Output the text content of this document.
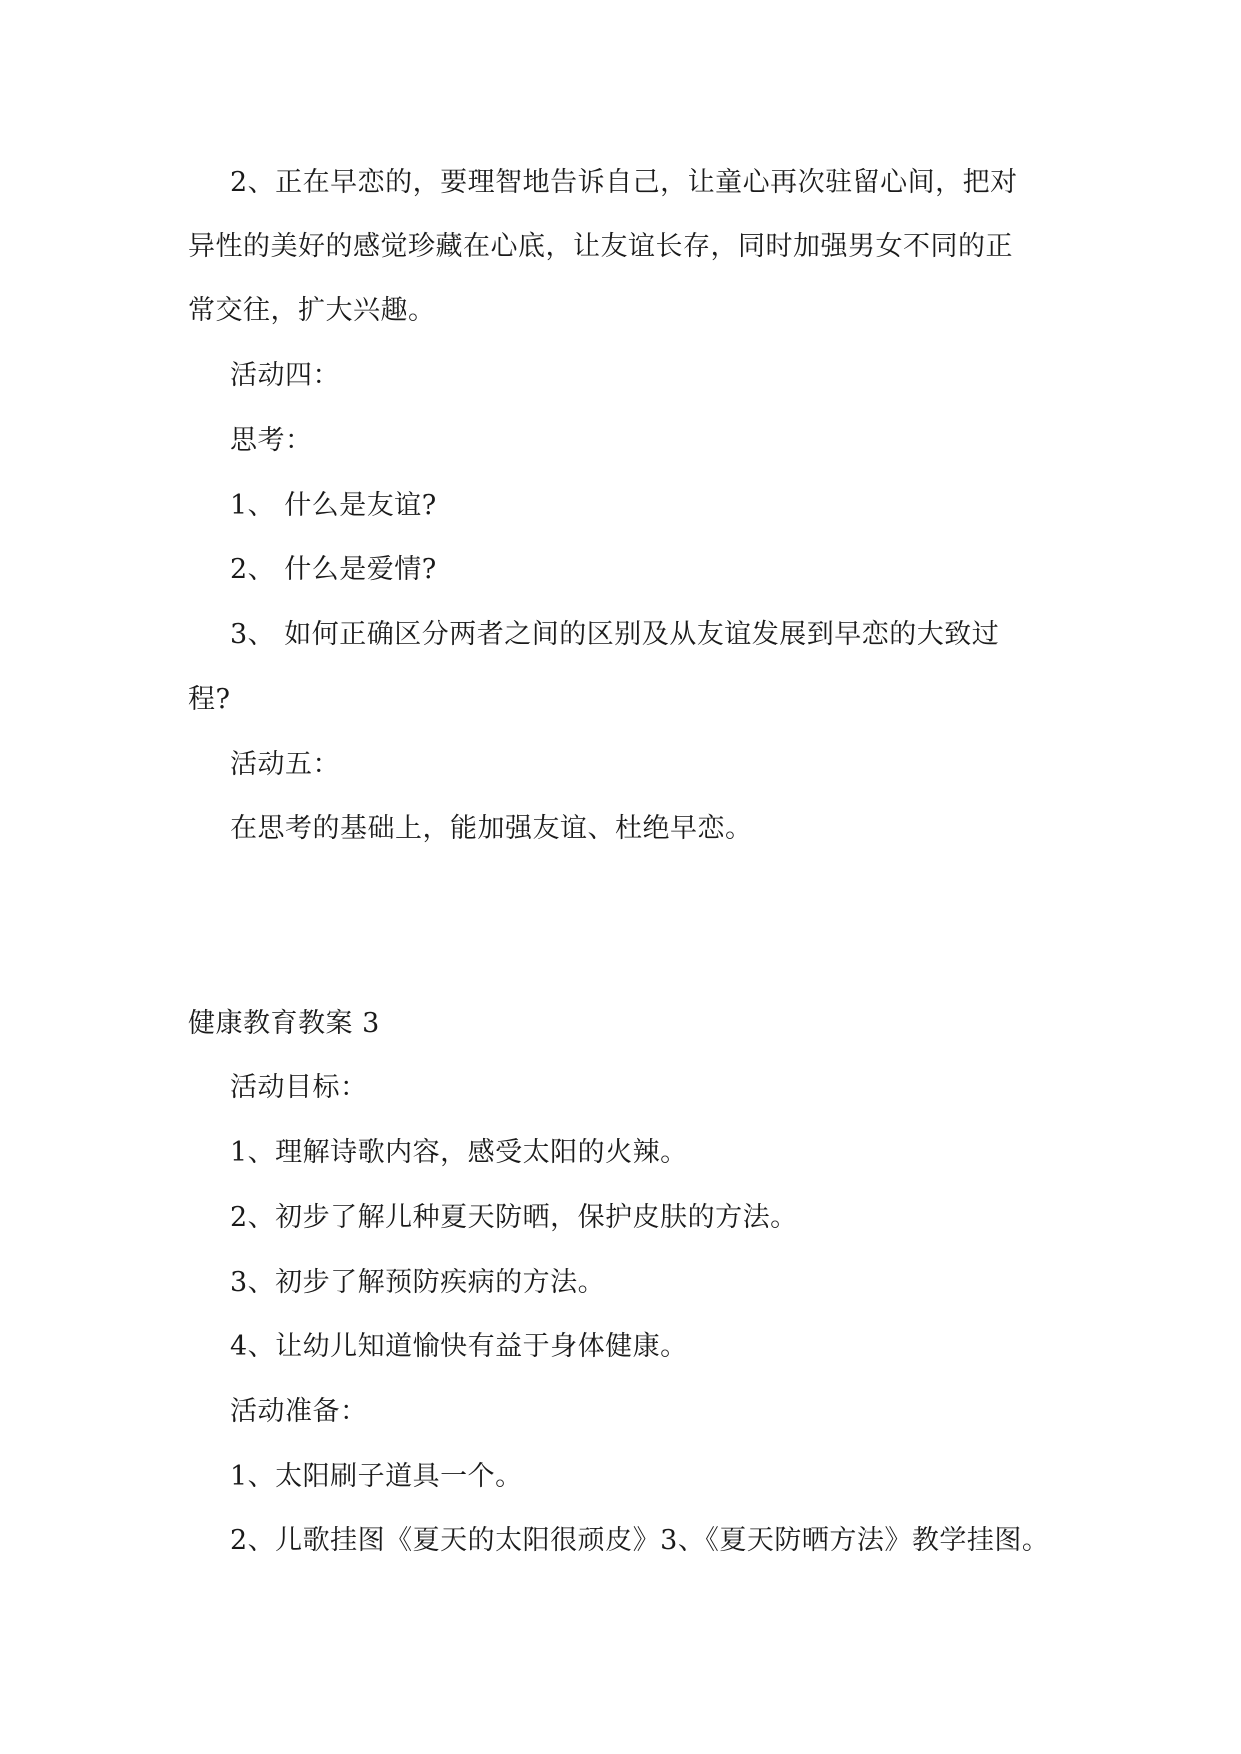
2、正在早恋的，要理智地告诉自己，让童心再次驻留心间，把对
异性的美好的感觉珍藏在心底，让友谊长存，同时加强男女不同的正
常交往，扩大兴趣。
活动四：
思考：
1、 什么是友谊?
2、 什么是爱情?
3、 如何正确区分两者之间的区别及从友谊发展到早恋的大致过
程?
活动五：
在思考的基础上，能加强友谊、杜绝早恋。
健康教育教案 3
活动目标：
1、理解诗歌内容，感受太阳的火辣。
2、初步了解儿种夏天防晒，保护皮肤的方法。
3、初步了解预防疾病的方法。
4、让幼儿知道愉快有益于身体健康。
活动准备：
1、太阳刷子道具一个。
2、儿歌挂图《夏天的太阳很顽皮》3、《夏天防晒方法》教学挂图。
